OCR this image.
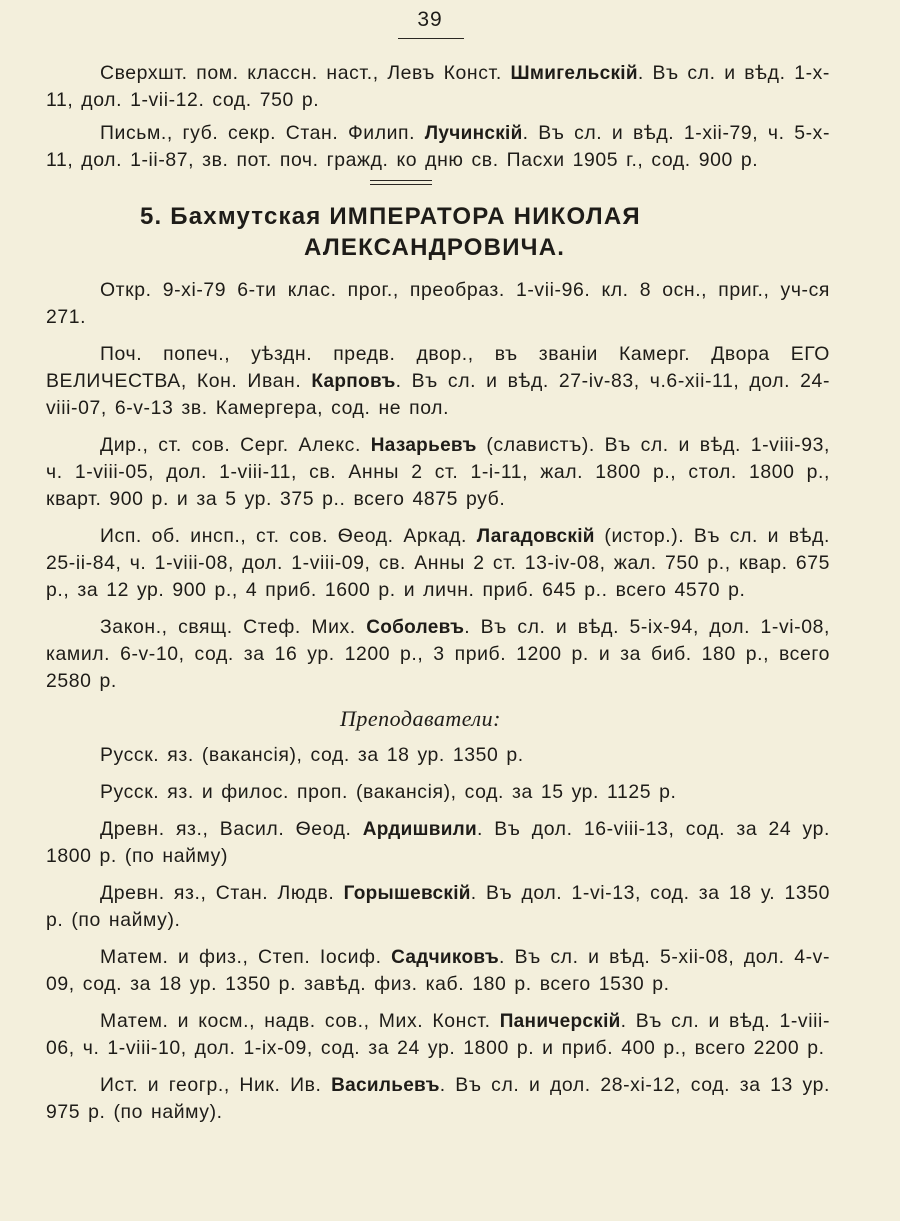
39

Сверхшт. пом. классн. наст., Левъ Конст. Шмигельскій. Въ сл. и вѣд. 1-x-11, дол. 1-vii-12. сод. 750 р.

Письм., губ. секр. Стан. Филип. Лучинскій. Въ сл. и вѣд. 1-xii-79, ч. 5-x-11, дол. 1-ii-87, зв. пот. поч. гражд. ко дню св. Пасхи 1905 г., сод. 900 р.

5. Бахмутская ИМПЕРАТОРА НИКОЛАЯ
АЛЕКСАНДРОВИЧА.

Откр. 9-xi-79 6-ти клас. прог., преобраз. 1-vii-96. кл. 8 осн., приг., уч-ся 271.

Поч. попеч., уѣздн. предв. двор., въ званіи Камерг. Двора ЕГО ВЕЛИЧЕСТВА, Кон. Иван. Карповъ. Въ сл. и вѣд. 27-iv-83, ч.6-xii-11, дол. 24-viii-07, 6-v-13 зв. Камергера, сод. не пол.

Дир., ст. сов. Серг. Алекс. Назарьевъ (славистъ). Въ сл. и вѣд. 1-viii-93, ч. 1-viii-05, дол. 1-viii-11, св. Анны 2 ст. 1-i-11, жал. 1800 р., стол. 1800 р., кварт. 900 р. и за 5 ур. 375 р.. всего 4875 руб.

Исп. об. инсп., ст. сов. Ѳеод. Аркад. Лагадовскій (истор.). Въ сл. и вѣд. 25-ii-84, ч. 1-viii-08, дол. 1-viii-09, св. Анны 2 ст. 13-iv-08, жал. 750 р., квар. 675 р., за 12 ур. 900 р., 4 приб. 1600 р. и личн. приб. 645 р.. всего 4570 р.

Закон., свящ. Стеф. Мих. Соболевъ. Въ сл. и вѣд. 5-ix-94, дол. 1-vi-08, камил. 6-v-10, сод. за 16 ур. 1200 р., 3 приб. 1200 р. и за биб. 180 р., всего 2580 р.

Преподаватели:

Русск. яз. (вакансія), сод. за 18 ур. 1350 р.

Русск. яз. и филос. проп. (вакансія), сод. за 15 ур. 1125 р.

Древн. яз., Васил. Ѳеод. Ардишвили. Въ дол. 16-viii-13, сод. за 24 ур. 1800 р. (по найму)

Древн. яз., Стан. Людв. Горышевскій. Въ дол. 1-vi-13, сод. за 18 у. 1350 р. (по найму).

Матем. и физ., Степ. Іосиф. Садчиковъ. Въ сл. и вѣд. 5-xii-08, дол. 4-v-09, сод. за 18 ур. 1350 р. завѣд. физ. каб. 180 р. всего 1530 р.

Матем. и косм., надв. сов., Мих. Конст. Паничерскій. Въ сл. и вѣд. 1-viii-06, ч. 1-viii-10, дол. 1-ix-09, сод. за 24 ур. 1800 р. и приб. 400 р., всего 2200 р.

Ист. и геогр., Ник. Ив. Васильевъ. Въ сл. и дол. 28-xi-12, сод. за 13 ур. 975 р. (по найму).
